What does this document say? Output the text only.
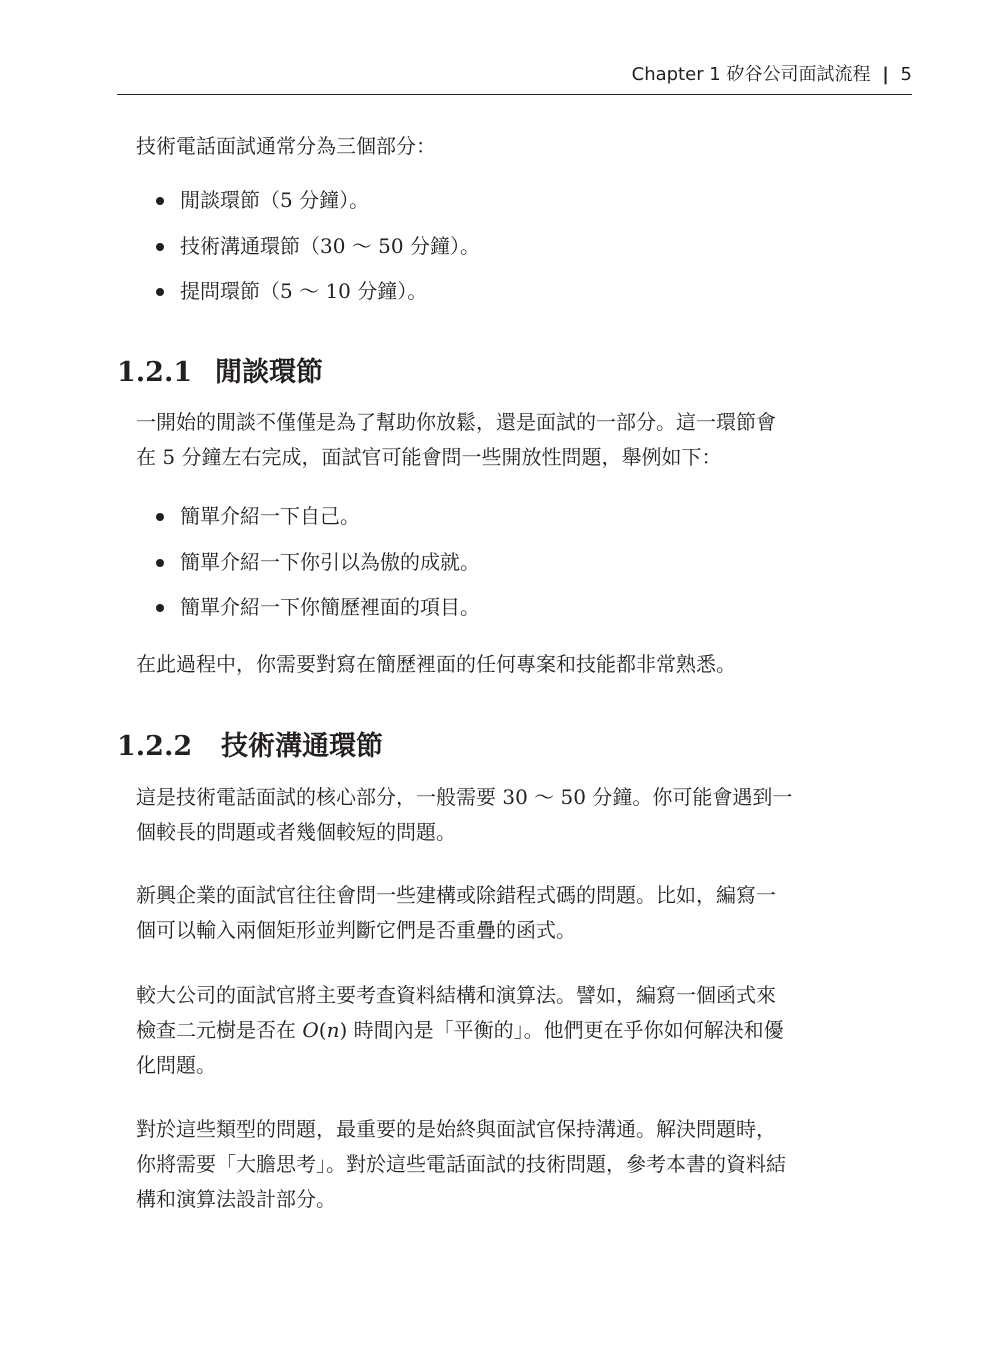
Chapter 1 矽谷公司面試流程 | 5

技術電話面試通常分為三個部分：

閒談環節（5 分鐘）。
技術溝通環節（30 ～ 50 分鐘）。
提問環節（5 ～ 10 分鐘）。
1.2.1 閒談環節

一開始的閒談不僅僅是為了幫助你放鬆，還是面試的一部分。這一環節會
在 5 分鐘左右完成，面試官可能會問一些開放性問題，舉例如下：

簡單介紹一下自己。
簡單介紹一下你引以為傲的成就。
簡單介紹一下你簡歷裡面的項目。

在此過程中，你需要對寫在簡歷裡面的任何專案和技能都非常熟悉。

1.2.2 技術溝通環節

這是技術電話面試的核心部分，一般需要 30 ～ 50 分鐘。你可能會遇到一
個較長的問題或者幾個較短的問題。

新興企業的面試官往往會問一些建構或除錯程式碼的問題。比如，編寫一
個可以輸入兩個矩形並判斷它們是否重疊的函式。

較大公司的面試官將主要考查資料結構和演算法。譬如，編寫一個函式來
檢查二元樹是否在 O(n) 時間內是「平衡的」。他們更在乎你如何解決和優
化問題。

對於這些類型的問題，最重要的是始終與面試官保持溝通。解決問題時，
你將需要「大膽思考」。對於這些電話面試的技術問題，參考本書的資料結
構和演算法設計部分。
